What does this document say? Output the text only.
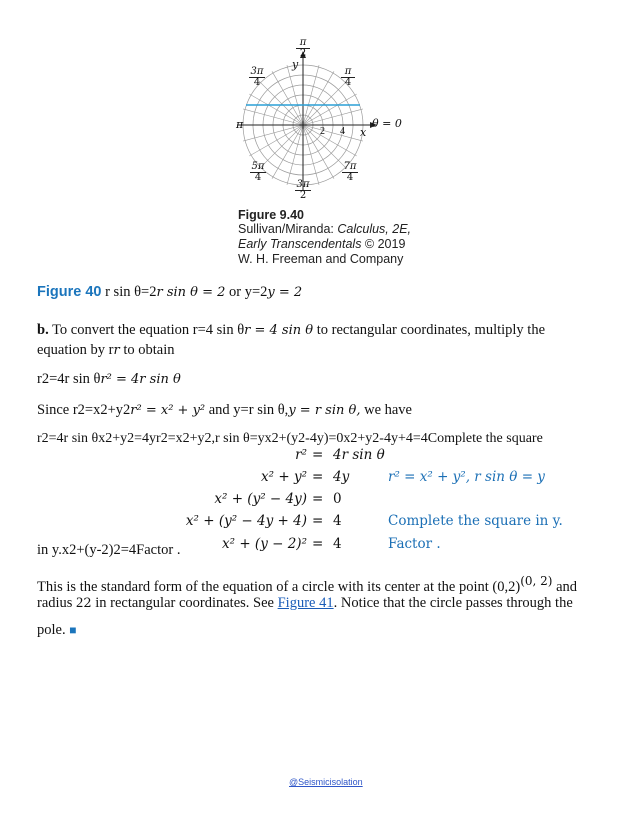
$\frac{\pi}{2}$
y
$\frac{3\pi}{4}$	$\frac{\pi}{4}$
π	θ = 0
2 4 x
$\frac{5\pi}{4}$	$\frac{7\pi}{4}$
$\frac{3\pi}{2}$
Figure 9.40
Sullivan/Miranda: Calculus, 2E,
Early Transcendentals © 2019
W. H. Freeman and Company
Figure 40 r sin θ=2r sin θ = 2 or y=2y = 2
b. To convert the equation r=4 sin θr = 4 sin θ to rectangular coordinates, multiply the
equation by rr to obtain
r2=4r sin θr² = 4r sin θ
Since r2=x2+y2r² = x² + y² and y=r sin θ,y = r sin θ, we have
r2=4r sin θx2+y2=4yr2=x2+y2,r sin θ=yx2+(y2-4y)=0x2+y2-4y+4=4Complete the square
r² = 4r sin θ
x² + y² = 4y	r² = x² + y², r sin θ = y
x² + (y² − 4y) = 0
x² + (y² − 4y + 4) = 4	Complete the square in y.
x² + (y − 2)² = 4	Factor .
in y.x2+(y-2)2=4Factor .
This is the standard form of the equation of a circle with its center at the point $(0,2)^{(0, 2)}$ and
radius 22 in rectangular coordinates. See Figure 41. Notice that the circle passes through the
pole. ■
@Seismicisolation
